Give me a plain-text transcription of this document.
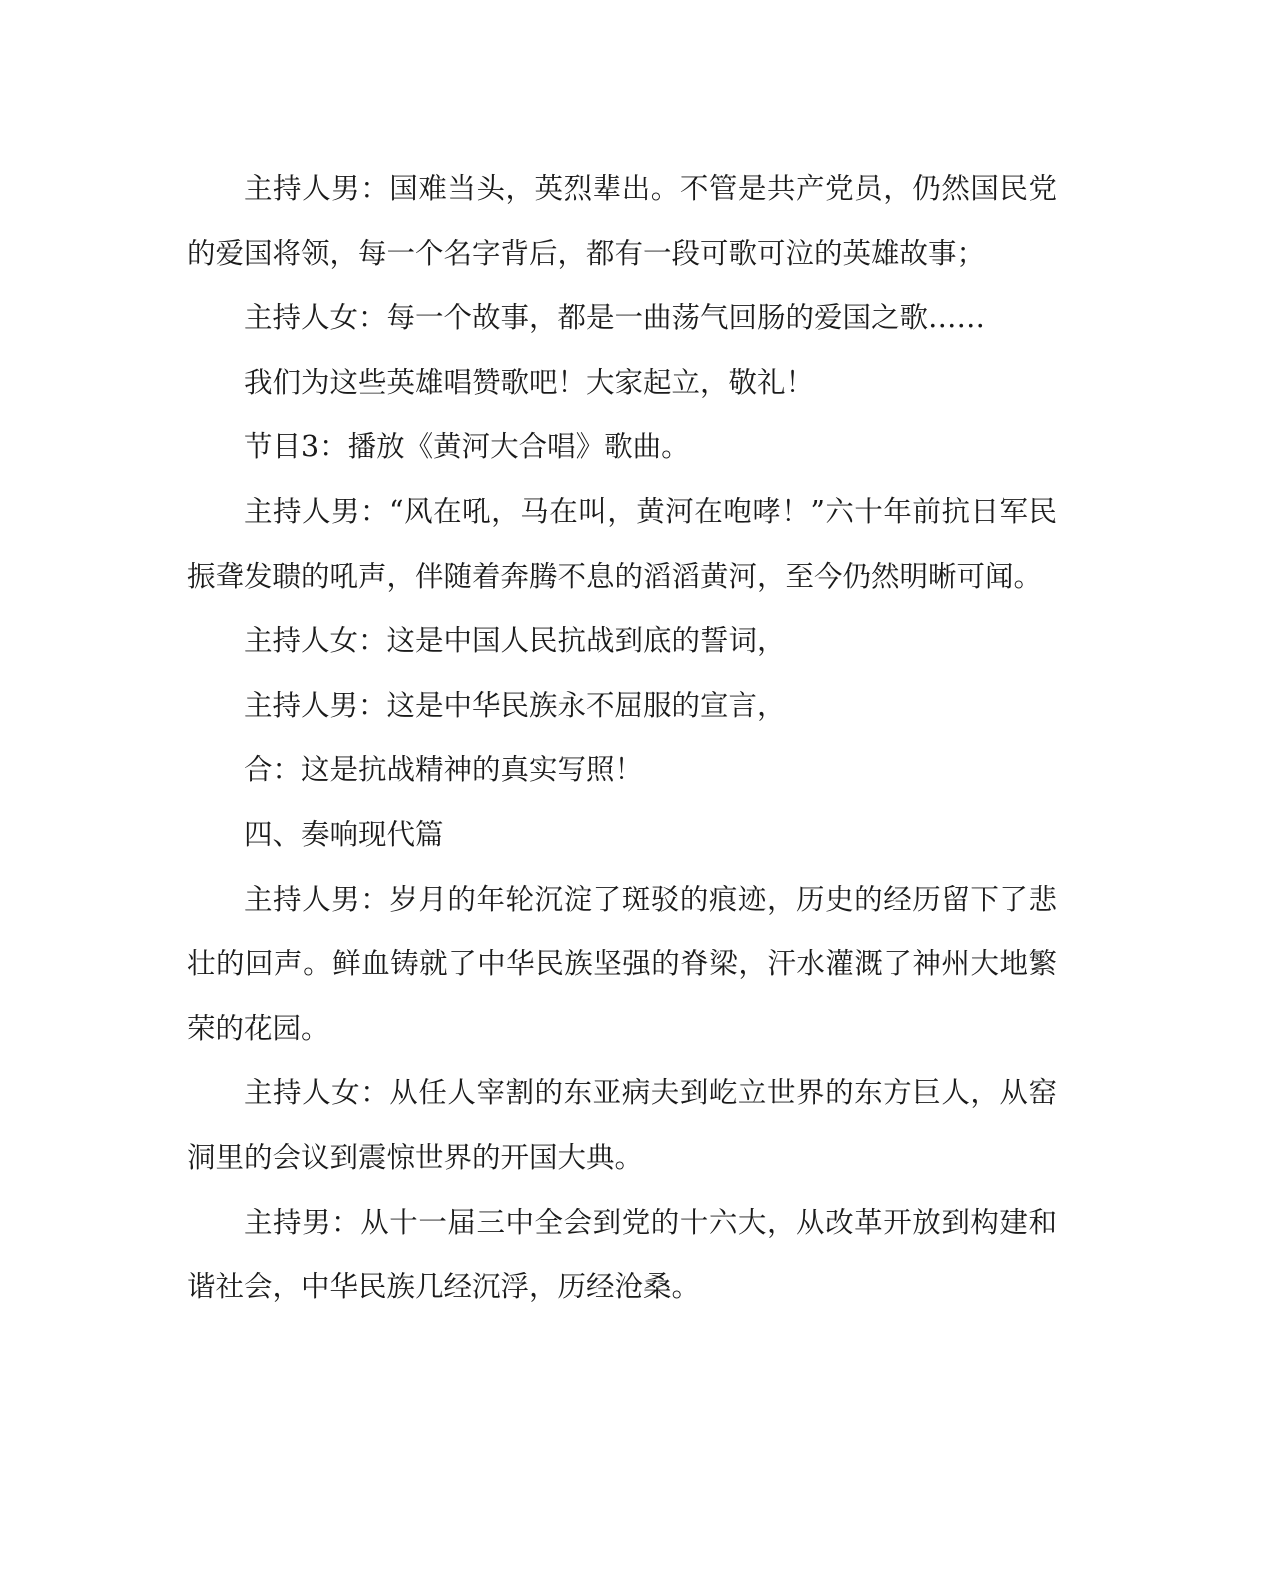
主持人男：国难当头，英烈辈出。不管是共产党员，仍然国民党的爱国将领，每一个名字背后，都有一段可歌可泣的英雄故事；

主持人女：每一个故事，都是一曲荡气回肠的爱国之歌……

我们为这些英雄唱赞歌吧！大家起立，敬礼！

节目3：播放《黄河大合唱》歌曲。

主持人男：“风在吼，马在叫，黄河在咆哮！”六十年前抗日军民振聋发聩的吼声，伴随着奔腾不息的滔滔黄河，至今仍然明晰可闻。

主持人女：这是中国人民抗战到底的誓词，

主持人男：这是中华民族永不屈服的宣言，

合：这是抗战精神的真实写照！

四、奏响现代篇

主持人男：岁月的年轮沉淀了斑驳的痕迹，历史的经历留下了悲壮的回声。鲜血铸就了中华民族坚强的脊梁，汗水灌溉了神州大地繁荣的花园。

主持人女：从任人宰割的东亚病夫到屹立世界的东方巨人，从窑洞里的会议到震惊世界的开国大典。

主持男：从十一届三中全会到党的十六大，从改革开放到构建和谐社会，中华民族几经沉浮，历经沧桑。
